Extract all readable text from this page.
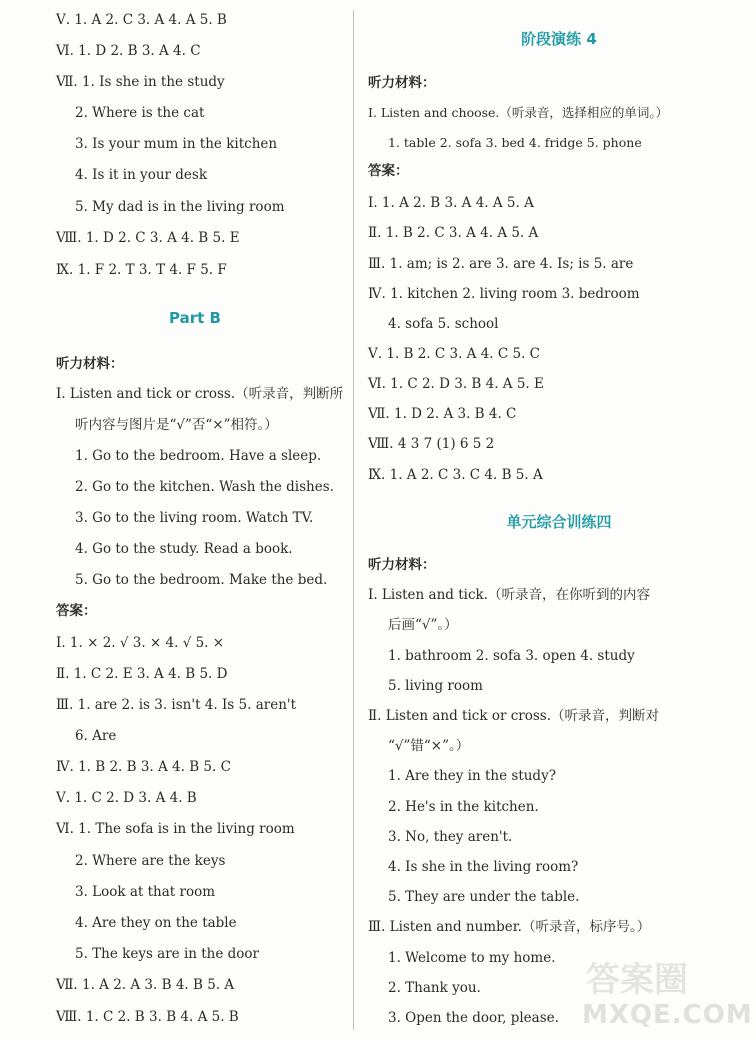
Ⅴ. 1. A 2. C 3. A 4. A 5. B
Ⅵ. 1. D 2. B 3. A 4. C
Ⅶ. 1. Is she in the study
2. Where is the cat
3. Is your mum in the kitchen
4. Is it in your desk
5. My dad is in the living room
Ⅷ. 1. D 2. C 3. A 4. B 5. E
Ⅸ. 1. F 2. T 3. T 4. F 5. F
Part B
听力材料：
Ⅰ. Listen and tick or cross.（听录音，判断所
听内容与图片是“√”否“×”相符。）
1. Go to the bedroom. Have a sleep.
2. Go to the kitchen. Wash the dishes.
3. Go to the living room. Watch TV.
4. Go to the study. Read a book.
5. Go to the bedroom. Make the bed.
答案：
Ⅰ. 1. × 2. √ 3. × 4. √ 5. ×
Ⅱ. 1. C 2. E 3. A 4. B 5. D
Ⅲ. 1. are 2. is 3. isn't 4. Is 5. aren't
6. Are
Ⅳ. 1. B 2. B 3. A 4. B 5. C
Ⅴ. 1. C 2. D 3. A 4. B
Ⅵ. 1. The sofa is in the living room
2. Where are the keys
3. Look at that room
4. Are they on the table
5. The keys are in the door
Ⅶ. 1. A 2. A 3. B 4. B 5. A
Ⅷ. 1. C 2. B 3. B 4. A 5. B
阶段演练 4
听力材料：
Ⅰ. Listen and choose.（听录音，选择相应的单词。）
1. table 2. sofa 3. bed 4. fridge 5. phone
答案：
Ⅰ. 1. A 2. B 3. A 4. A 5. A
Ⅱ. 1. B 2. C 3. A 4. A 5. A
Ⅲ. 1. am; is 2. are 3. are 4. Is; is 5. are
Ⅳ. 1. kitchen 2. living room 3. bedroom
4. sofa 5. school
Ⅴ. 1. B 2. C 3. A 4. C 5. C
Ⅵ. 1. C 2. D 3. B 4. A 5. E
Ⅶ. 1. D 2. A 3. B 4. C
Ⅷ. 4 3 7 (1) 6 5 2
Ⅸ. 1. A 2. C 3. C 4. B 5. A
单元综合训练四
听力材料：
Ⅰ. Listen and tick.（听录音，在你听到的内容
后画“√”。）
1. bathroom 2. sofa 3. open 4. study
5. living room
Ⅱ. Listen and tick or cross.（听录音，判断对
“√”错“×”。）
1. Are they in the study?
2. He's in the kitchen.
3. No, they aren't.
4. Is she in the living room?
5. They are under the table.
Ⅲ. Listen and number.（听录音，标序号。）
1. Welcome to my home.
2. Thank you.
3. Open the door, please.
答案圈
MXQE.COM
